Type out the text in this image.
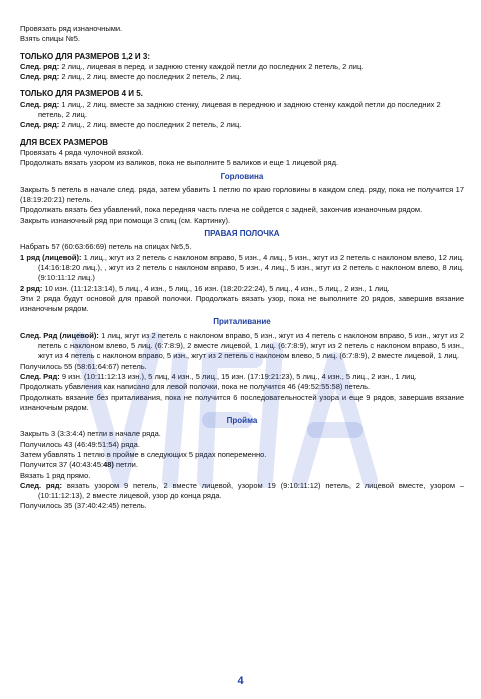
Провязать ряд изнаночными.

Взять спицы №5.

ТОЛЬКО ДЛЯ РАЗМЕРОВ 1,2 И 3:

След. ряд: 2 лиц., лицевая в перед. и заднюю стенку каждой петли до последних 2 петель, 2 лиц.

След. ряд: 2 лиц., 2 лиц. вместе до последних 2 петель, 2 лиц.

ТОЛЬКО ДЛЯ РАЗМЕРОВ 4 И 5.

След. ряд: 1 лиц., 2 лиц. вместе за заднюю стенку, лицевая в переднюю и заднюю стенку каждой петли до последних 2 петель, 2 лиц.

След. ряд: 2 лиц., 2 лиц. вместе до последних 2 петель, 2 лиц.

ДЛЯ ВСЕХ РАЗМЕРОВ

Провязать 4 ряда чулочной вязкой.

Продолжать вязать узором из валиков, пока не выполните 5 валиков и еще 1 лицевой ряд.

Горловина

Закрыть 5 петель в начале след. ряда, затем убавить 1 петлю по краю горловины в каждом след. ряду, пока не получится 17 (18:19:20:21) петель.

Продолжать вязать без убавлений, пока передняя часть плеча не сойдется с задней, закончив изнаночным рядом.

Закрыть изнаночный ряд при помощи 3 спиц (см. Картинку).

ПРАВАЯ ПОЛОЧКА

Набрать 57 (60:63:66:69) петель на спицах №5,5.

1 ряд (лицевой): 1 лиц., жгут из 2 петель с наклоном вправо, 5 изн., 4 лиц., 5 изн., жгут из 2 петель с наклоном влево, 12 лиц. (14:16:18:20 лиц.), , жгут из 2 петель с наклоном вправо, 5 изн., 4 лиц., 5 изн., жгут из 2 петель с наклоном влево, 8 лиц. (9:10:11:12 лиц.)

2 ряд: 10 изн. (11:12:13:14), 5 лиц., 4 изн., 5 лиц., 16 изн. (18:20:22:24), 5 лиц., 4 изн., 5 лиц., 2 изн., 1 лиц.

Эти 2 ряда будут основой для правой полочки. Продолжать вязать узор, пока не выполните 20 рядов, завершив вязание изнаночным рядом.

Приталивание

След. Ряд (лицевой): 1 лиц, жгут из 2 петель с наклоном вправо, 5 изн., жгут из 4 петель с наклоном вправо, 5 изн., жгут из 2 петель с наклоном влево, 5 лиц. (6:7:8:9), 2 вместе лицевой, 1 лиц. (6:7:8:9), жгут из 2 петель с наклоном вправо, 5 изн., жгут из 4 петель с наклоном вправо, 5 изн., жгут из 2 петель с наклоном влево, 5 лиц. (6:7:8:9), 2 вместе лицевой, 1 лиц.

Получилось 55 (58:61:64:67) петель.

След. Ряд: 9 изн. (10:11:12:13 изн.), 5 лиц, 4 изн., 5 лиц., 15 изн. (17:19:21:23), 5 лиц., 4 изн., 5 лиц., 2 изн., 1 лиц.

Продолжать убавления как написано для левой полочки, пока не получится 46 (49:52:55:58) петель.

Продолжать вязание без приталивания, пока не получится 6 последовательностей узора и еще 9 рядов, завершив вязание изнаночным рядом.

Пройма

Закрыть 3 (3:3:4:4) петли в начале ряда.

Получилось 43 (46:49:51:54) ряда.

Затем убавлять 1 петлю в пройме в следующих 5 рядах попеременно.

Получится 37 (40:43:45:48) петли.

Вязать 1 ряд прямо.

След. ряд: вязать узором 9 петель, 2 вместе лицевой, узором 19 (9:10:11:12) петель, 2 лицевой вместе, узором – (10:11:12:13), 2 вместе лицевой, узор до конца ряда.

Получилось 35 (37:40:42:45) петель.

4
